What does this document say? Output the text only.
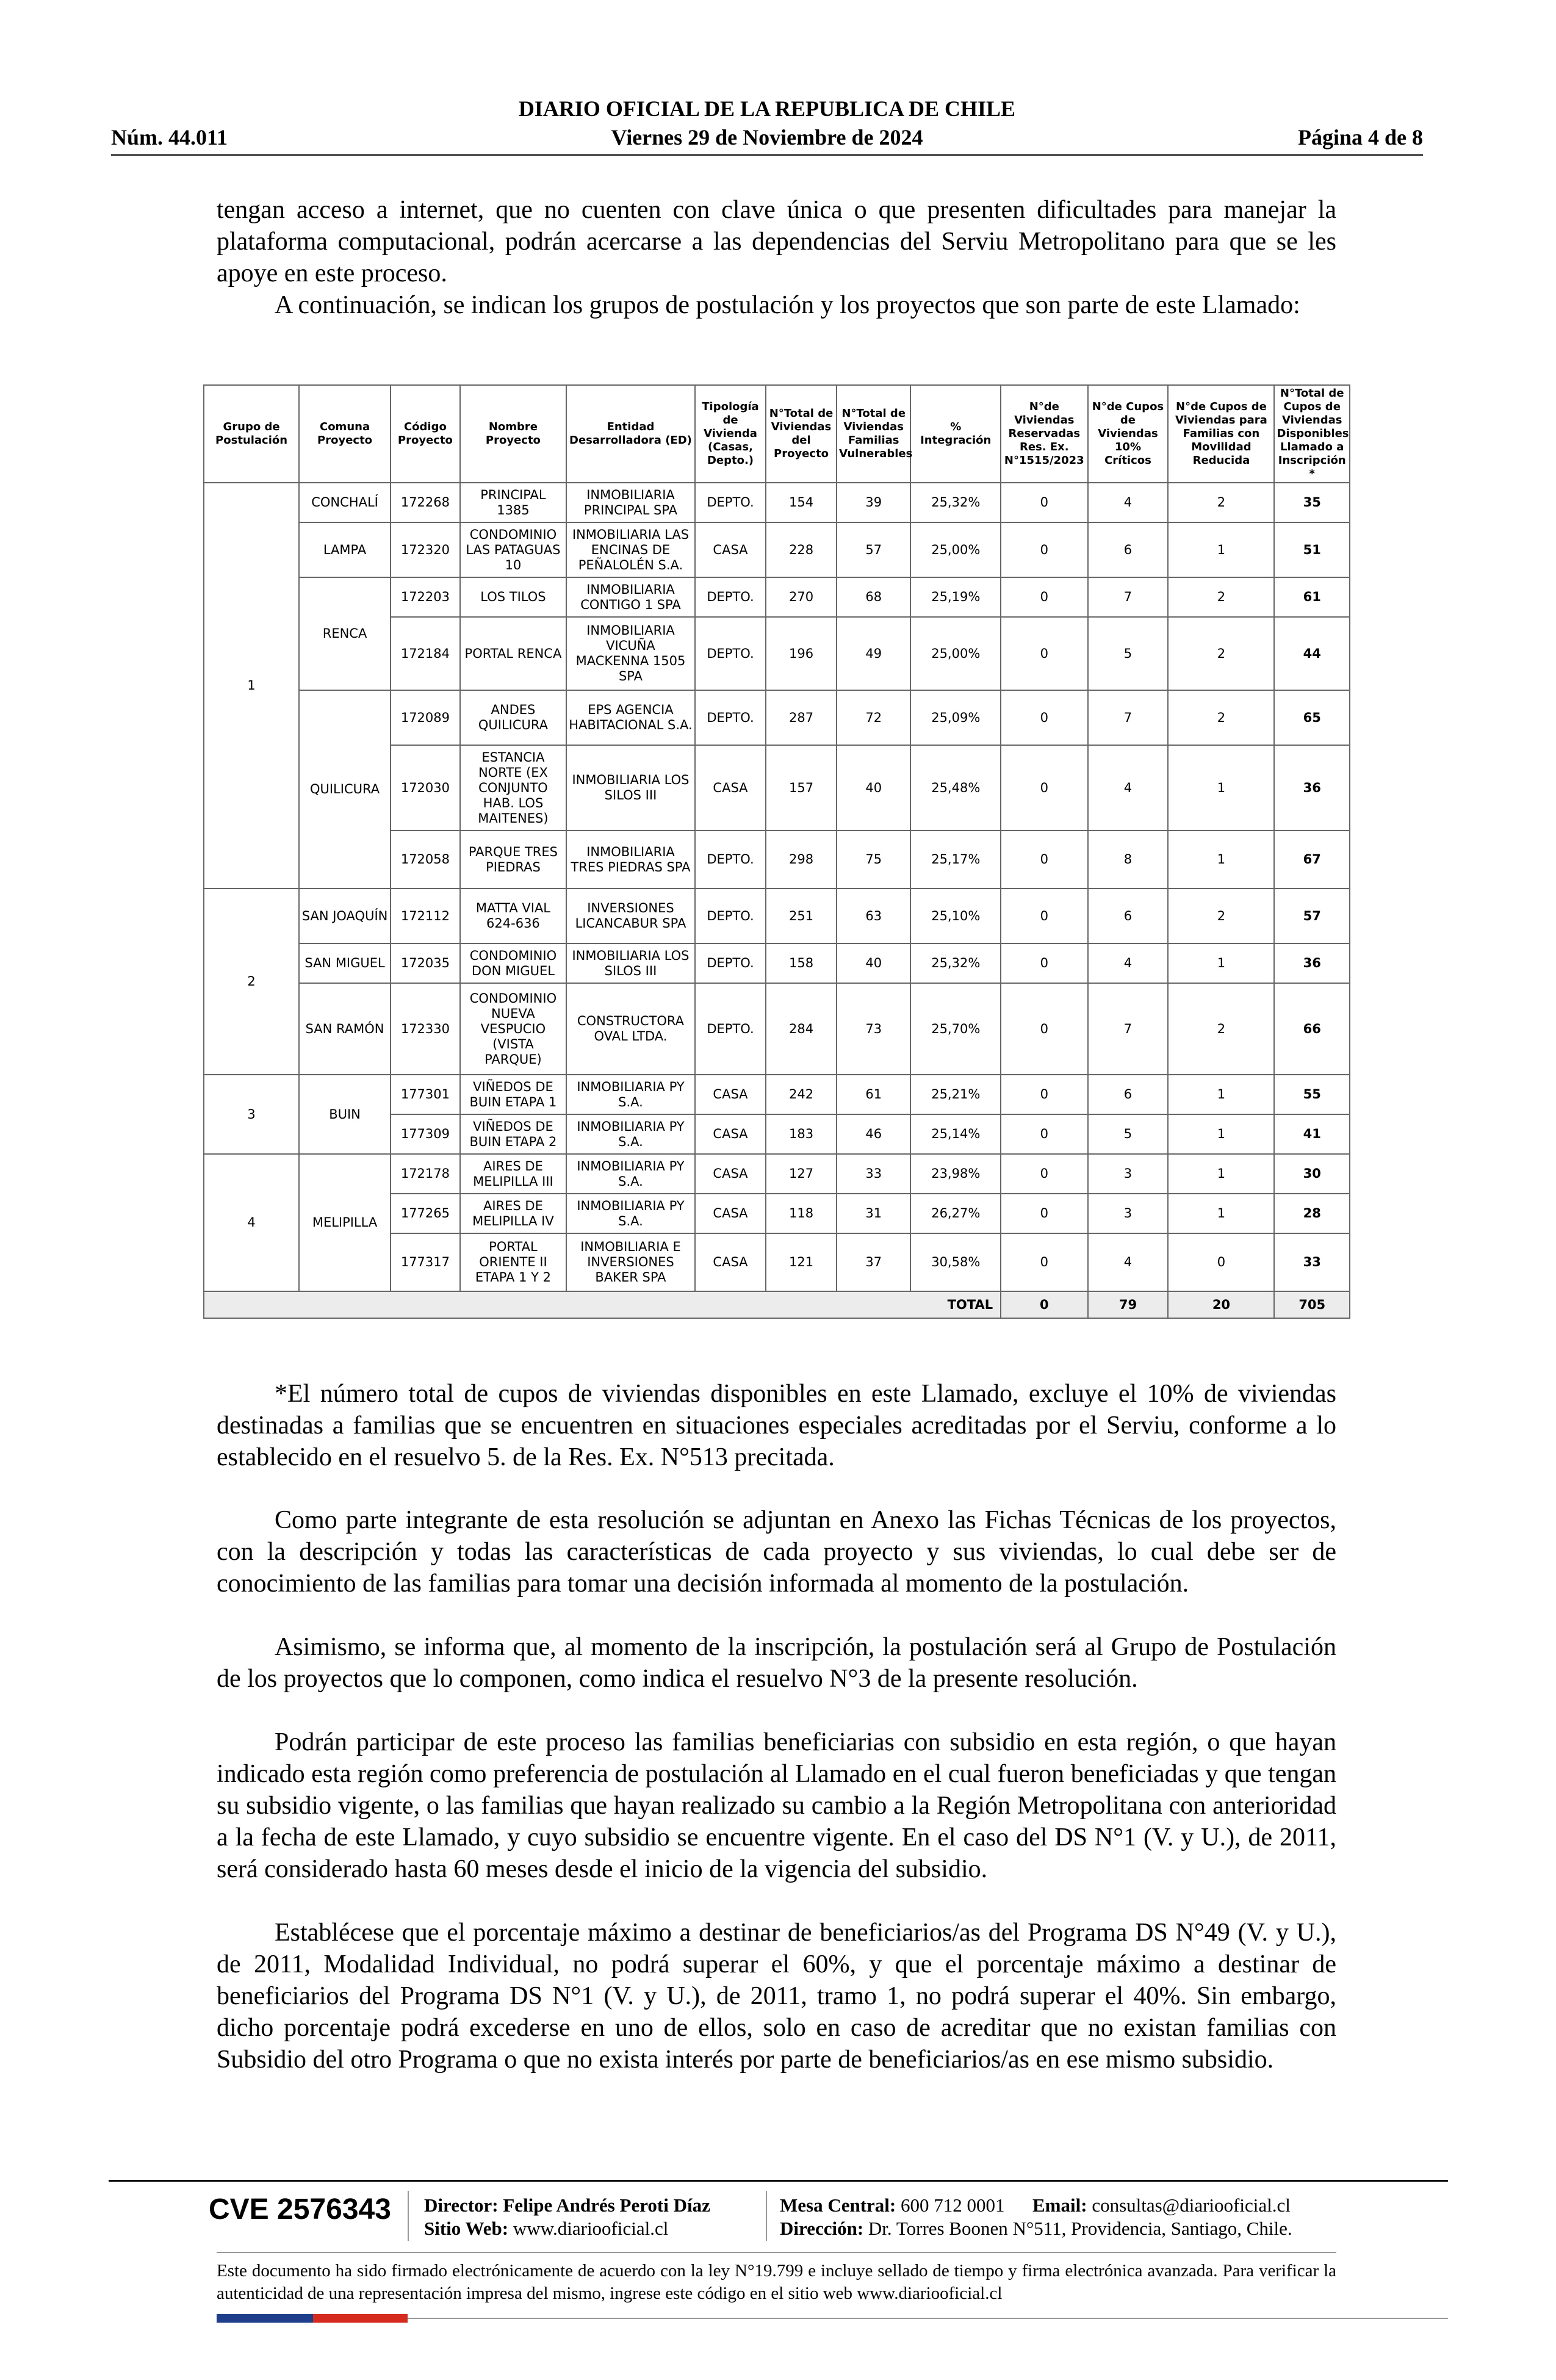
DIARIO OFICIAL DE LA REPUBLICA DE CHILE
Núm. 44.011	Viernes 29 de Noviembre de 2024	Página 4 de 8

tengan acceso a internet, que no cuenten con clave única o que presenten dificultades para manejar la plataforma computacional, podrán acercarse a las dependencias del Serviu Metropolitano para que se les apoye en este proceso.

A continuación, se indican los grupos de postulación y los proyectos que son parte de este Llamado:

Grupo de Postulación	Comuna Proyecto	Código Proyecto	Nombre Proyecto	Entidad Desarrolladora (ED)	Tipología de Vivienda (Casas, Depto.)	N°Total de Viviendas del Proyecto	N°Total de Viviendas Familias Vulnerables	% Integración	N°de Viviendas Reservadas Res. Ex. N°1515/2023	N°de Cupos de Viviendas 10% Críticos	N°de Cupos de Viviendas para Familias con Movilidad Reducida	N°Total de Cupos de Viviendas Disponibles Llamado a Inscripción *
1	CONCHALÍ	172268	PRINCIPAL 1385	INMOBILIARIA PRINCIPAL SPA	DEPTO.	154	39	25,32%	0	4	2	35
	LAMPA	172320	CONDOMINIO LAS PATAGUAS 10	INMOBILIARIA LAS ENCINAS DE PEÑALOLÉN S.A.	CASA	228	57	25,00%	0	6	1	51
	RENCA	172203	LOS TILOS	INMOBILIARIA CONTIGO 1 SPA	DEPTO.	270	68	25,19%	0	7	2	61
		172184	PORTAL RENCA	INMOBILIARIA VICUÑA MACKENNA 1505 SPA	DEPTO.	196	49	25,00%	0	5	2	44
	QUILICURA	172089	ANDES QUILICURA	EPS AGENCIA HABITACIONAL S.A.	DEPTO.	287	72	25,09%	0	7	2	65
		172030	ESTANCIA NORTE (EX CONJUNTO HAB. LOS MAITENES)	INMOBILIARIA LOS SILOS III	CASA	157	40	25,48%	0	4	1	36
		172058	PARQUE TRES PIEDRAS	INMOBILIARIA TRES PIEDRAS SPA	DEPTO.	298	75	25,17%	0	8	1	67
2	SAN JOAQUÍN	172112	MATTA VIAL 624-636	INVERSIONES LICANCABUR SPA	DEPTO.	251	63	25,10%	0	6	2	57
	SAN MIGUEL	172035	CONDOMINIO DON MIGUEL	INMOBILIARIA LOS SILOS III	DEPTO.	158	40	25,32%	0	4	1	36
	SAN RAMÓN	172330	CONDOMINIO NUEVA VESPUCIO (VISTA PARQUE)	CONSTRUCTORA OVAL LTDA.	DEPTO.	284	73	25,70%	0	7	2	66
3	BUIN	177301	VIÑEDOS DE BUIN ETAPA 1	INMOBILIARIA PY S.A.	CASA	242	61	25,21%	0	6	1	55
		177309	VIÑEDOS DE BUIN ETAPA 2	INMOBILIARIA PY S.A.	CASA	183	46	25,14%	0	5	1	41
4	MELIPILLA	172178	AIRES DE MELIPILLA III	INMOBILIARIA PY S.A.	CASA	127	33	23,98%	0	3	1	30
		177265	AIRES DE MELIPILLA IV	INMOBILIARIA PY S.A.	CASA	118	31	26,27%	0	3	1	28
		177317	PORTAL ORIENTE II ETAPA 1 Y 2	INMOBILIARIA E INVERSIONES BAKER SPA	CASA	121	37	30,58%	0	4	0	33
TOTAL									0	79	20	705

*El número total de cupos de viviendas disponibles en este Llamado, excluye el 10% de viviendas destinadas a familias que se encuentren en situaciones especiales acreditadas por el Serviu, conforme a lo establecido en el resuelvo 5. de la Res. Ex. N°513 precitada.

Como parte integrante de esta resolución se adjuntan en Anexo las Fichas Técnicas de los proyectos, con la descripción y todas las características de cada proyecto y sus viviendas, lo cual debe ser de conocimiento de las familias para tomar una decisión informada al momento de la postulación.

Asimismo, se informa que, al momento de la inscripción, la postulación será al Grupo de Postulación de los proyectos que lo componen, como indica el resuelvo N°3 de la presente resolución.

Podrán participar de este proceso las familias beneficiarias con subsidio en esta región, o que hayan indicado esta región como preferencia de postulación al Llamado en el cual fueron beneficiadas y que tengan su subsidio vigente, o las familias que hayan realizado su cambio a la Región Metropolitana con anterioridad a la fecha de este Llamado, y cuyo subsidio se encuentre vigente. En el caso del DS N°1 (V. y U.), de 2011, será considerado hasta 60 meses desde el inicio de la vigencia del subsidio.

Establécese que el porcentaje máximo a destinar de beneficiarios/as del Programa DS N°49 (V. y U.), de 2011, Modalidad Individual, no podrá superar el 60%, y que el porcentaje máximo a destinar de beneficiarios del Programa DS N°1 (V. y U.), de 2011, tramo 1, no podrá superar el 40%. Sin embargo, dicho porcentaje podrá excederse en uno de ellos, solo en caso de acreditar que no existan familias con Subsidio del otro Programa o que no exista interés por parte de beneficiarios/as en ese mismo subsidio.

CVE 2576343 Director: Felipe Andrés Peroti Díaz
Sitio Web: www.diariooficial.cl
Mesa Central: 600 712 0001 Email: consultas@diariooficial.cl
Dirección: Dr. Torres Boonen N°511, Providencia, Santiago, Chile.
Este documento ha sido firmado electrónicamente de acuerdo con la ley N°19.799 e incluye sellado de tiempo y firma electrónica avanzada. Para verificar la autenticidad de una representación impresa del mismo, ingrese este código en el sitio web www.diariooficial.cl
